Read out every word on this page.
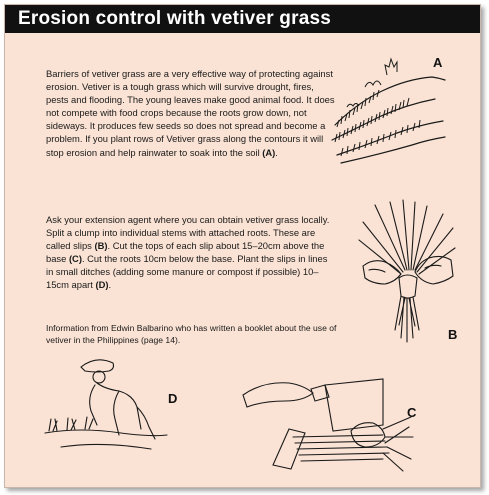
Erosion control with vetiver grass

Barriers of vetiver grass are a very effective way of protecting against erosion. Vetiver is a tough grass which will survive drought, fires, pests and flooding. The young leaves make good animal food. It does not compete with food crops because the roots grow down, not sideways. It produces few seeds so does not spread and become a problem. If you plant rows of Vetiver grass along the contours it will stop erosion and help rainwater to soak into the soil (A).

Ask your extension agent where you can obtain vetiver grass locally. Split a clump into individual stems with attached roots. These are called slips (B). Cut the tops of each slip about 15–20cm above the base (C). Cut the roots 10cm below the base. Plant the slips in lines in small ditches (adding some manure or compost if possible) 10–15cm apart (D).

Information from Edwin Balbarino who has written a booklet about the use of vetiver in the Philippines (page 14).

A
B
D
C
